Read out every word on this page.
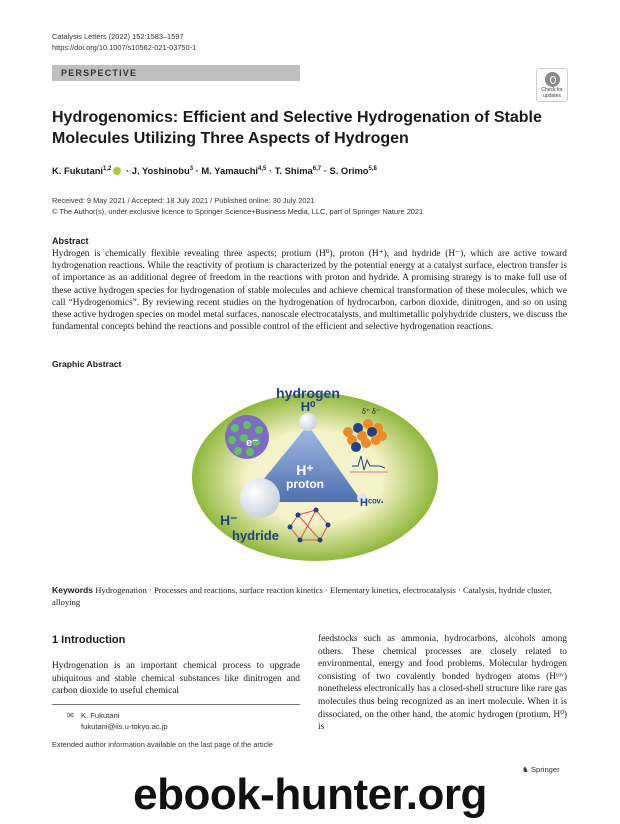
Catalysis Letters (2022) 152:1583–1597
https://doi.org/10.1007/s10562-021-03750-1
PERSPECTIVE
Check for updates
Hydrogenomics: Efficient and Selective Hydrogenation of Stable Molecules Utilizing Three Aspects of Hydrogen
K. Fukutani$^{1,2}$ · J. Yoshinobu$^3$ · M. Yamauchi$^{4,5}$ · T. Shima$^{6,7}$ · S. Orimo$^{5,8}$
Received: 9 May 2021 / Accepted: 18 July 2021 / Published online: 30 July 2021
© The Author(s), under exclusive licence to Springer Science+Business Media, LLC, part of Springer Nature 2021
Abstract
Hydrogen is chemically flexible revealing three aspects; protium (H⁰), proton (H⁺), and hydride (H⁻), which are active toward hydrogenation reactions. While the reactivity of protium is characterized by the potential energy at a catalyst surface, electron transfer is of importance as an additional degree of freedom in the reactions with proton and hydride. A promising strategy is to make full use of these active hydrogen species for hydrogenation of stable molecules and achieve chemical transformation of these molecules, which we call “Hydrogenomics”. By reviewing recent studies on the hydrogenation of hydrocarbon, carbon dioxide, dinitrogen, and so on using these active hydrogen species on model metal surfaces, nanoscale electrocatalysts, and multimetallic polyhydride clusters, we discuss the fundamental concepts behind the reactions and possible control of the efficient and selective hydrogenation reactions.
Graphic Abstract
hydrogen
H⁰
H⁺
proton
H⁻
hydride
Hᶜᵒᵛ·
e⁻
δ⁺ δ⁻
Keywords Hydrogenation · Processes and reactions, surface reaction kinetics · Elementary kinetics, electrocatalysis · Catalysis, hydride cluster, alloying
1 Introduction
Hydrogenation is an important chemical process to upgrade ubiquitous and stable chemical substances like dinitrogen and carbon dioxide to useful chemical
feedstocks such as ammonia, hydrocarbons, alcohols among others. These chemical processes are closely related to environmental, energy and food problems. Molecular hydrogen consisting of two covalently bonded hydrogen atoms (Hᶜᵒᵛ) nonetheless electronically has a closed-shell structure like rare gas molecules thus being recognized as an inert molecule. When it is dissociated, on the other hand, the atomic hydrogen (protium, H⁰) is
✉ K. Fukutani
fukutani@iis.u-tokyo.ac.jp
Extended author information available on the last page of the article
♞ Springer
ebook-hunter.org
